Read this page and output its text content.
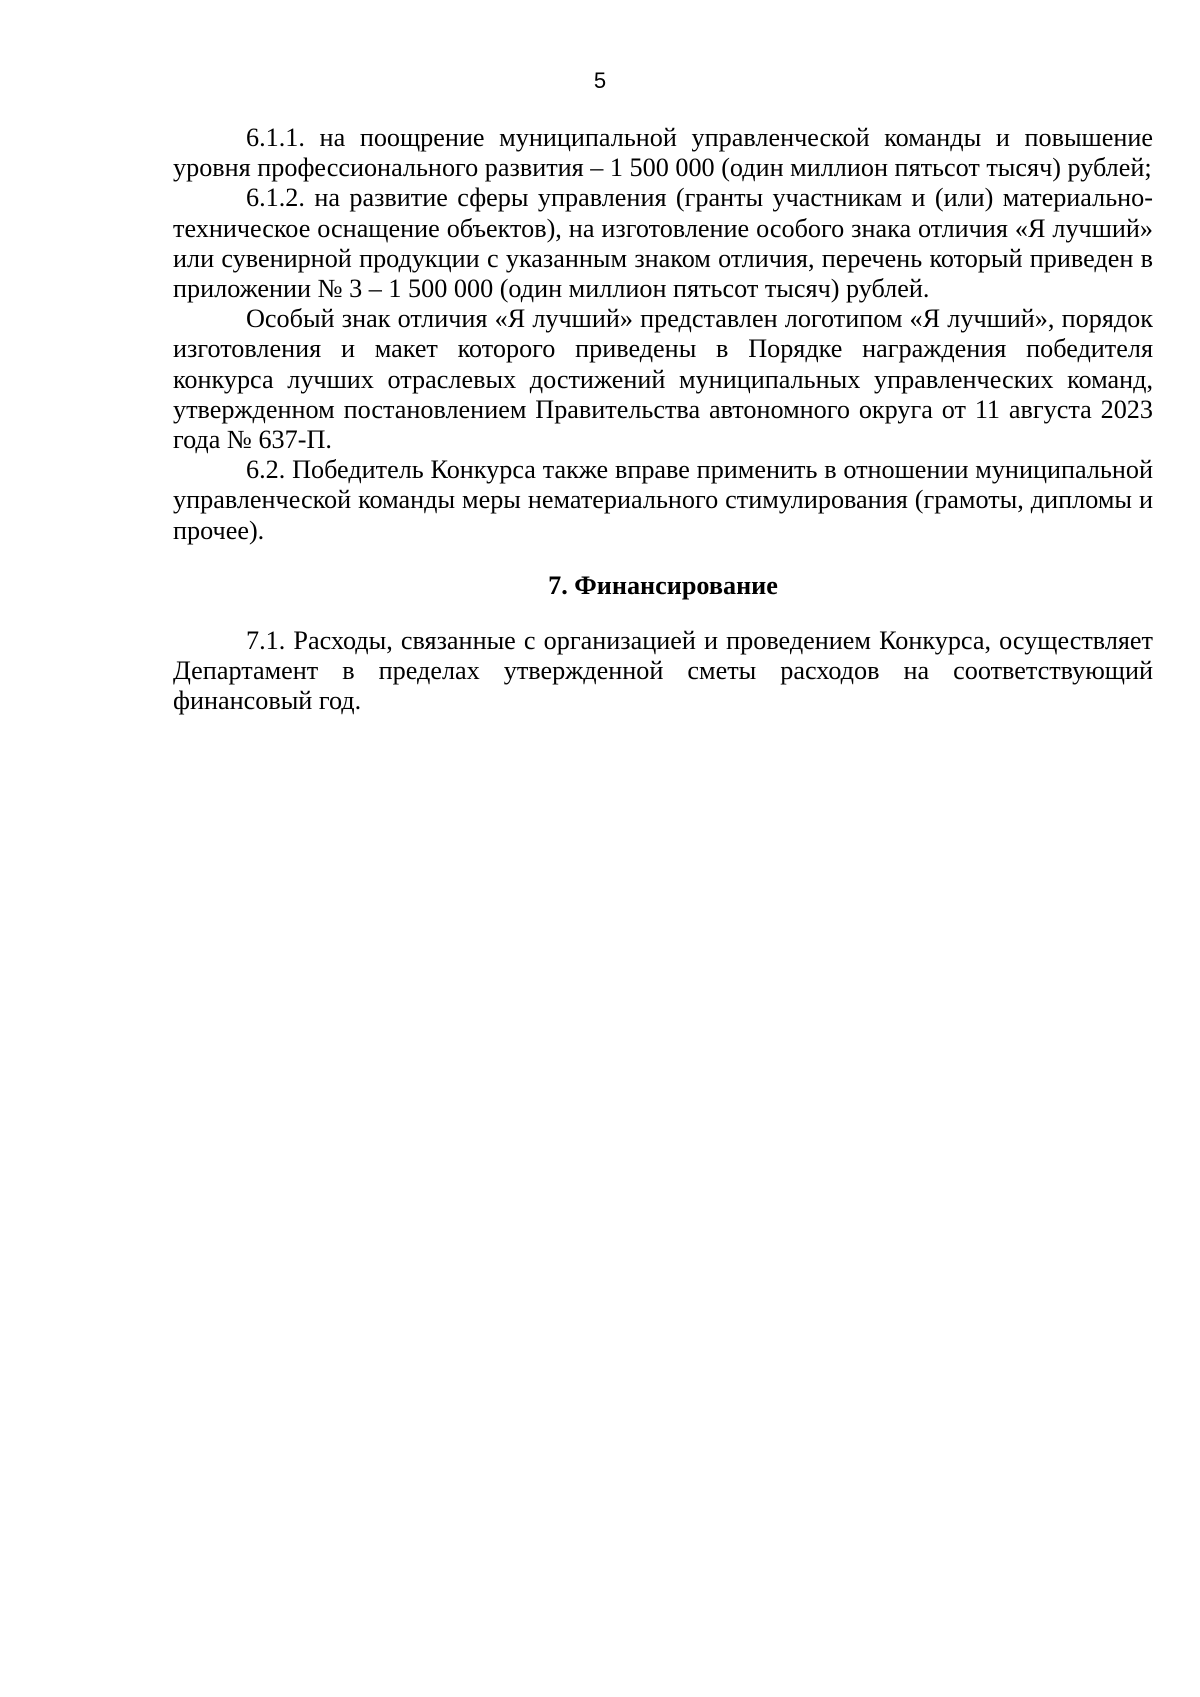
5

6.1.1. на поощрение муниципальной управленческой команды и повышение уровня профессионального развития – 1 500 000 (один миллион пятьсот тысяч) рублей;

6.1.2. на развитие сферы управления (гранты участникам и (или) материально-техническое оснащение объектов), на изготовление особого знака отличия «Я лучший» или сувенирной продукции с указанным знаком отличия, перечень который приведен в приложении № 3 – 1 500 000 (один миллион пятьсот тысяч) рублей.

Особый знак отличия «Я лучший» представлен логотипом «Я лучший», порядок изготовления и макет которого приведены в Порядке награждения победителя конкурса лучших отраслевых достижений муниципальных управленческих команд, утвержденном постановлением Правительства автономного округа от 11 августа 2023 года № 637-П.

6.2. Победитель Конкурса также вправе применить в отношении муниципальной управленческой команды меры нематериального стимулирования (грамоты, дипломы и прочее).

7. Финансирование

7.1. Расходы, связанные с организацией и проведением Конкурса, осуществляет Департамент в пределах утвержденной сметы расходов на соответствующий финансовый год.
